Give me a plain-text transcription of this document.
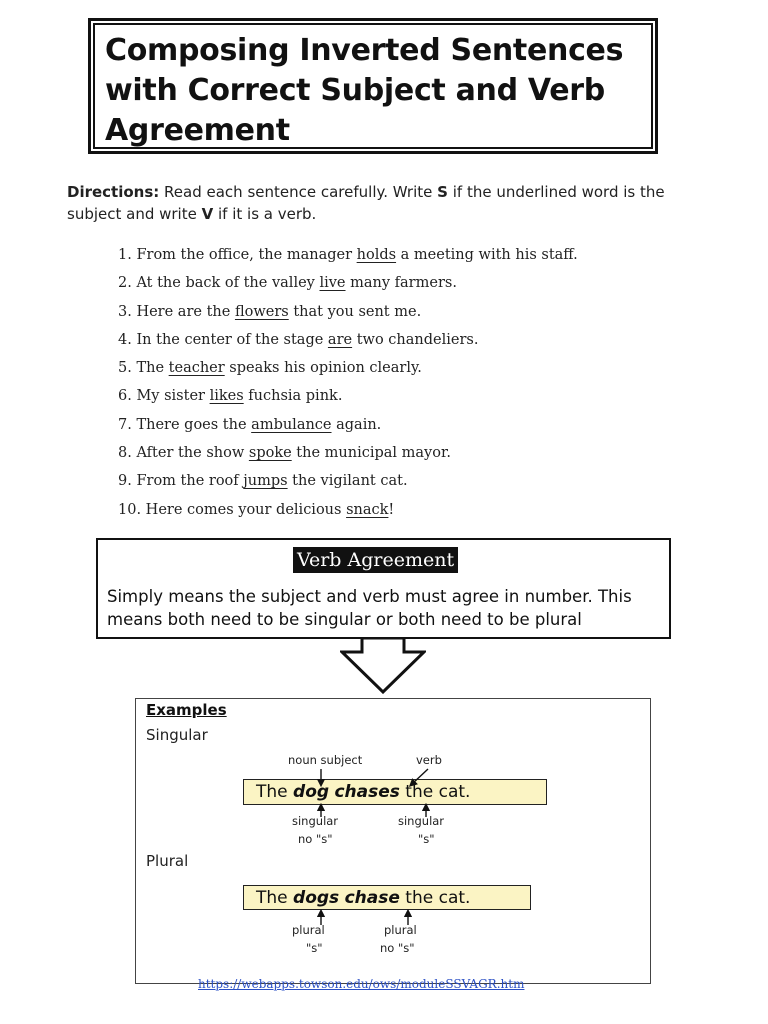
Composing Inverted Sentences
with Correct Subject and Verb
Agreement

Directions: Read each sentence carefully. Write S if the underlined word is the subject and write V if it is a verb.
1. From the office, the manager holds a meeting with his staff.
2. At the back of the valley live many farmers.
3. Here are the flowers that you sent me.
4. In the center of the stage are two chandeliers.
5. The teacher speaks his opinion clearly.
6. My sister likes fuchsia pink.
7. There goes the ambulance again.
8. After the show spoke the municipal mayor.
9. From the roof jumps the vigilant cat.
10. Here comes your delicious snack!

Verb Agreement

Simply means the subject and verb must agree in number. This means both need to be singular or both need to be plural

Examples

Singular

noun subject	verb
The dog chases the cat.
singular
no "s"
singular
"s"

Plural

The dogs chase the cat.
plural
"s"
plural
no "s"
https://webapps.towson.edu/ows/moduleSSVAGR.htm
